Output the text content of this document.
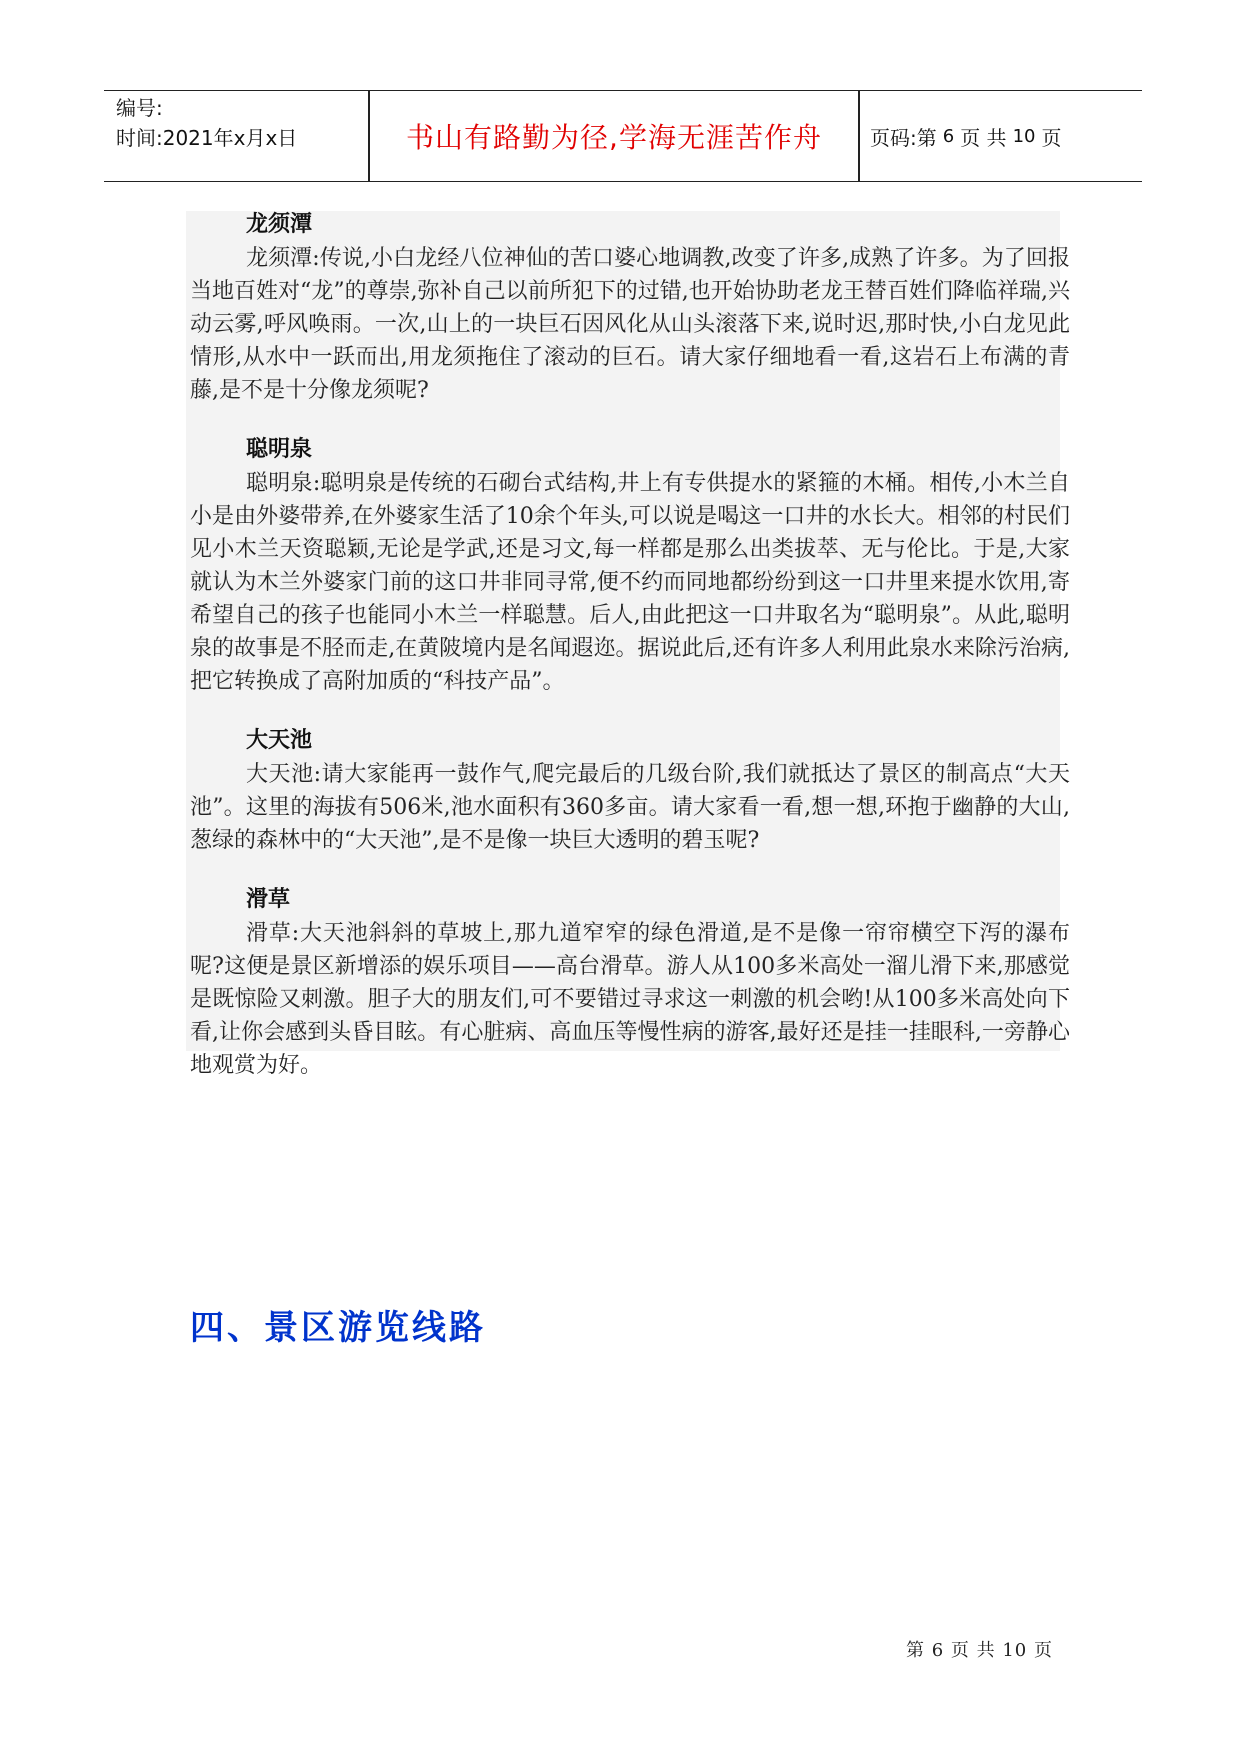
编号:
时间:2021年x月x日	书山有路勤为径,学海无涯苦作舟	页码:第 6 页 共 10 页
龙须潭

龙须潭:传说,小白龙经八位神仙的苦口婆心地调教,改变了许多,成熟了许多。为了回报当地百姓对“龙”的尊崇,弥补自己以前所犯下的过错,也开始协助老龙王替百姓们降临祥瑞,兴动云雾,呼风唤雨。一次,山上的一块巨石因风化从山头滚落下来,说时迟,那时快,小白龙见此情形,从水中一跃而出,用龙须拖住了滚动的巨石。请大家仔细地看一看,这岩石上布满的青藤,是不是十分像龙须呢?

聪明泉

聪明泉:聪明泉是传统的石砌台式结构,井上有专供提水的紧箍的木桶。相传,小木兰自小是由外婆带养,在外婆家生活了10余个年头,可以说是喝这一口井的水长大。相邻的村民们见小木兰天资聪颖,无论是学武,还是习文,每一样都是那么出类拔萃、无与伦比。于是,大家就认为木兰外婆家门前的这口井非同寻常,便不约而同地都纷纷到这一口井里来提水饮用,寄希望自己的孩子也能同小木兰一样聪慧。后人,由此把这一口井取名为“聪明泉”。从此,聪明泉的故事是不胫而走,在黄陂境内是名闻遐迩。据说此后,还有许多人利用此泉水来除污治病,把它转换成了高附加质的“科技产品”。

大天池

大天池:请大家能再一鼓作气,爬完最后的几级台阶,我们就抵达了景区的制高点“大天池”。这里的海拔有506米,池水面积有360多亩。请大家看一看,想一想,环抱于幽静的大山,葱绿的森林中的“大天池”,是不是像一块巨大透明的碧玉呢?

滑草

滑草:大天池斜斜的草坡上,那九道窄窄的绿色滑道,是不是像一帘帘横空下泻的瀑布呢?这便是景区新增添的娱乐项目——高台滑草。游人从100多米高处一溜儿滑下来,那感觉是既惊险又刺激。胆子大的朋友们,可不要错过寻求这一刺激的机会哟!从100多米高处向下看,让你会感到头昏目眩。有心脏病、高血压等慢性病的游客,最好还是挂一挂眼科,一旁静心地观赏为好。

四、景区游览线路
第 6 页 共 10 页
